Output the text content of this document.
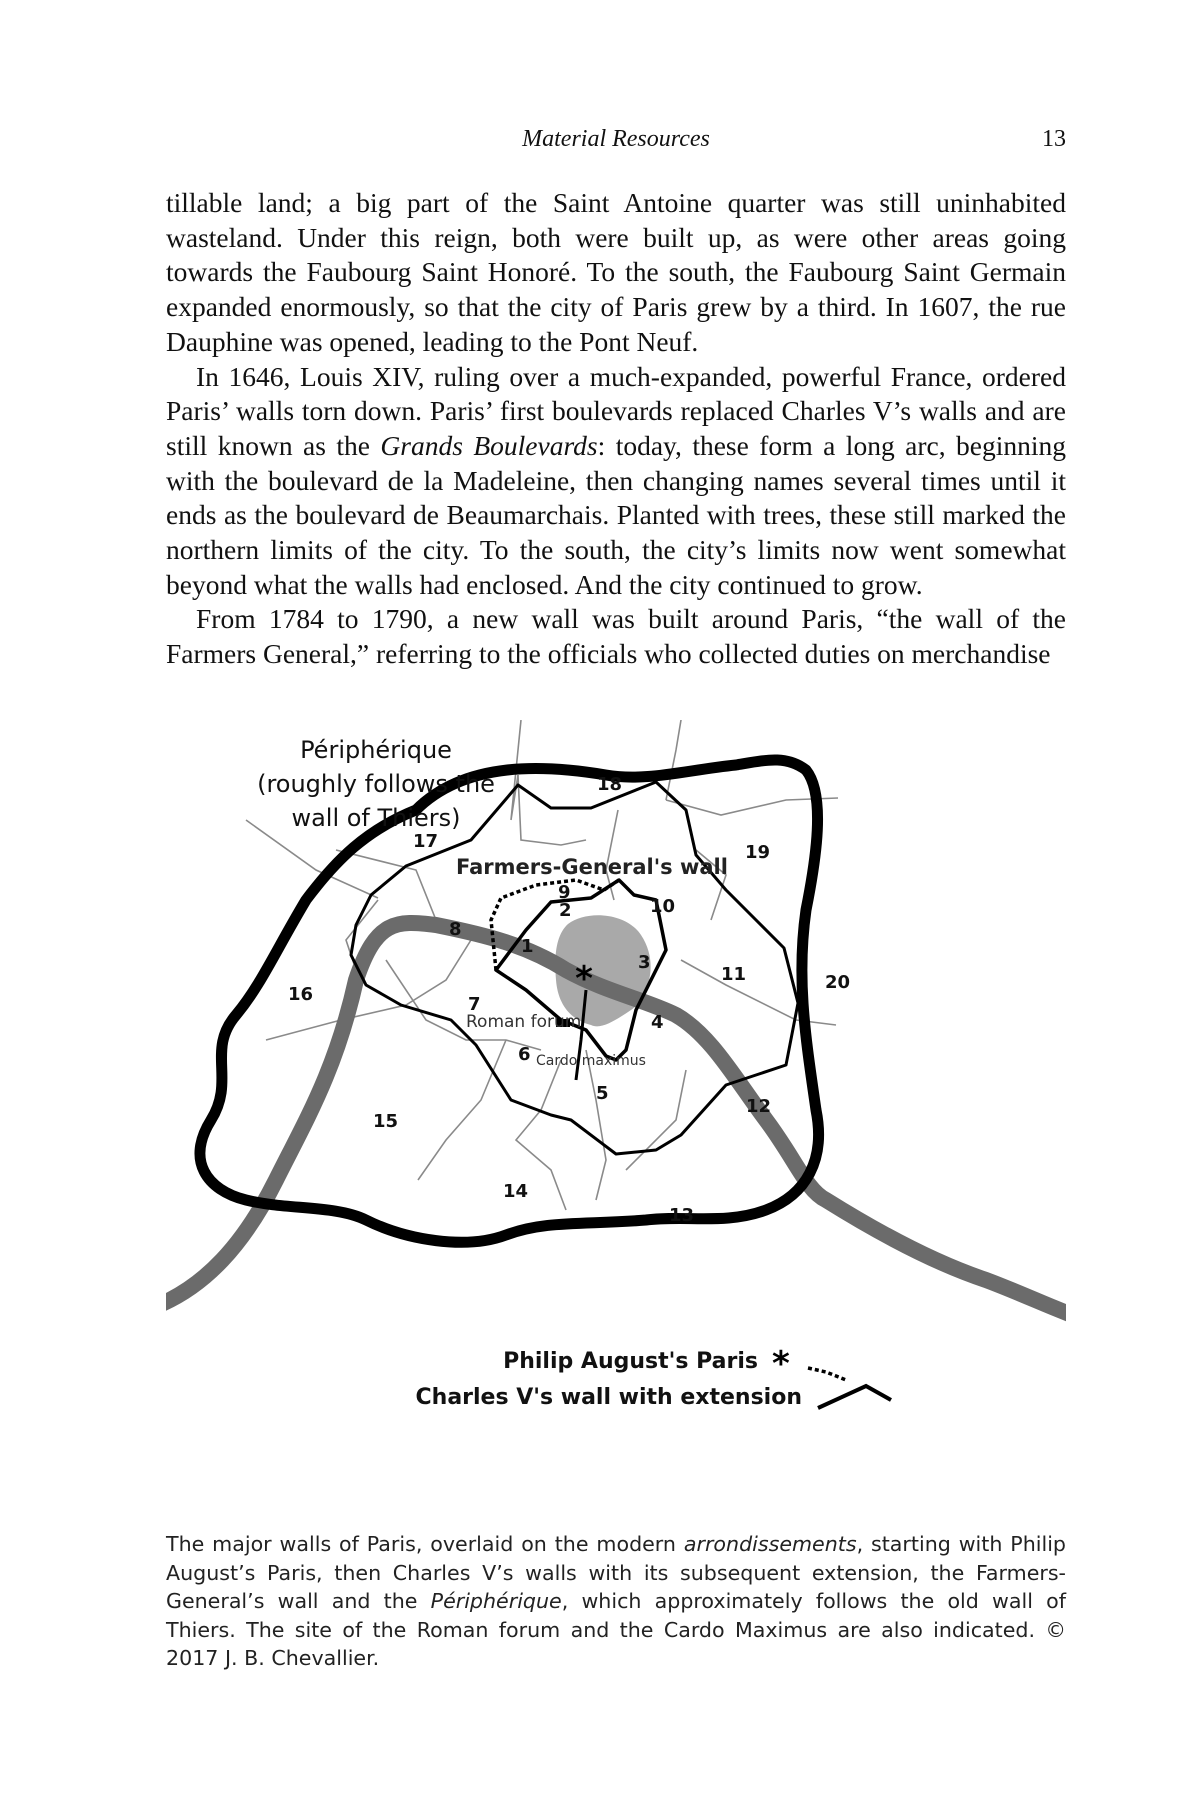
Material Resources	13

tillable land; a big part of the Saint Antoine quarter was still uninhabited wasteland. Under this reign, both were built up, as were other areas going towards the Faubourg Saint Honoré. To the south, the Faubourg Saint Germain expanded enormously, so that the city of Paris grew by a third. In 1607, the rue Dauphine was opened, leading to the Pont Neuf.

In 1646, Louis XIV, ruling over a much-expanded, powerful France, ordered Paris’ walls torn down. Paris’ first boulevards replaced Charles V’s walls and are still known as the Grands Boulevards: today, these form a long arc, beginning with the boulevard de la Madeleine, then changing names several times until it ends as the boulevard de Beaumarchais. Planted with trees, these still marked the northern limits of the city. To the south, the city’s limits now went somewhat beyond what the walls had enclosed. And the city continued to grow.

From 1784 to 1790, a new wall was built around Paris, “the wall of the Farmers General,” referring to the officials who collected duties on merchandise

Périphérique
(roughly follows the
wall of Thiers)
Farmers-General's wall
Roman forum
Cardo maximus
1
2
3
4
5
6
7
8
9
10
11
12
13
14
15
16
17
18
19
20
*
Philip August's Paris *
Charles V's wall with extension
The major walls of Paris, overlaid on the modern arrondissements, starting with Philip August’s Paris, then Charles V’s walls with its subsequent extension, the Farmers-General’s wall and the Périphérique, which approximately follows the old wall of Thiers. The site of the Roman forum and the Cardo Maximus are also indicated. © 2017 J. B. Chevallier.
